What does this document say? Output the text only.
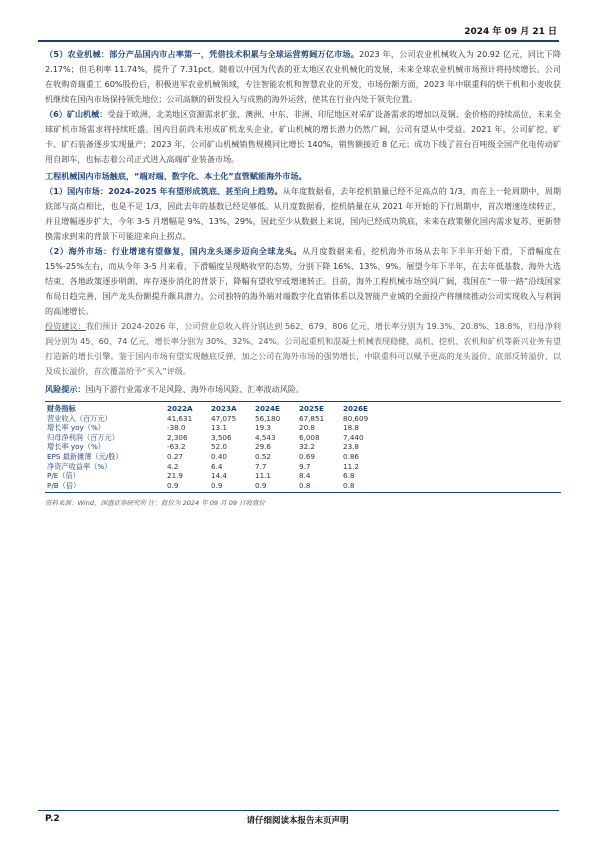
2024 年 09 月 21 日

（5）农业机械：部分产品国内市占率第一，凭借技术积累与全球运营剪阔万亿市场。2023 年，公司农业机械收入为 20.92 亿元，同比下降 2.17%；但毛利率 11.74%，提升了 7.31pct。随着以中国为代表的亚太地区农业机械化的发展，未来全球农业机械市场预计将持续增长。公司在收购奇瑞重工 60%股份后，积极进军农业机械领域，专注智能农机和智慧农业的开发，市场份额方面，2023 年中联重科的烘干机和小麦收获机继续在国内市场保持领先地位；公司高额的研发投入与成熟的海外运营，使其在行业内处于领先位置。

（6）矿山机械：受益于欧洲、北美地区资源需求扩张，澳洲、中东、非洲、印尼地区对采矿设备需求的增加以及铜、金价格的持续高位，未来全球矿机市场需求将持续旺盛。国内目前尚未形成矿机龙头企业，矿山机械的增长潜力仍然广阔，公司有望从中受益。2021 年，公司矿挖、矿卡、矿石装备逐步实现量产；2023 年，公司矿山机械销售规模同比增长 140%，销售额接近 8 亿元；成功下线了首台百吨级全国产化电传动矿用自卸车，也标志着公司正式进入高端矿业装备市场。

工程机械国内市场触底，“端对端、数字化、本土化”直管赋能海外市场。

（1）国内市场：2024-2025 年有望形成筑底、甚至向上趋势。从年度数据看，去年挖机销量已经不足高点的 1/3，而在上一轮周期中，周期底部与高点相比，也是不足 1/3，因此去年的基数已经足够低。从月度数据看，挖机销量在从 2021 年开始的下行周期中，首次增速连续转正，并且增幅逐步扩大，今年 3-5 月增幅是 9%、13%、29%，因此至少从数据上来说，国内已经成功筑底，未来在政策催化国内需求复苏、更新替换需求到来的背景下可能迎来向上拐点。

（2）海外市场：行业增速有望修复，国内龙头逐步迈向全球龙头。从月度数据来看，挖机海外市场从去年下半年开始下滑，下滑幅度在 15%-25%左右，而从今年 3-5 月来看，下滑幅度呈现略收窄的态势，分别下降 16%、13%、9%。展望今年下半年，在去年低基数、海外大选结束、各地政策逐步明朗、库存逐步消化的背景下，降幅有望收窄或增速转正。目前，海外工程机械市场空间广阔，我国在“一带一路”沿线国家布局日趋完善，国产龙头份额提升颇具潜力。公司独特的海外端对端数字化直销体系以及智能产业城的全面投产将继续推动公司实现收入与利润的高速增长。

投资建议：我们预计 2024-2026 年，公司营业总收入将分别达到 562、679、806 亿元，增长率分别为 19.3%、20.8%、18.8%，归母净利润分别为 45、60、74 亿元，增长率分别为 30%、32%、24%。公司起重机和混凝土机械表现稳健，高机、挖机、农机和矿机等新兴业务有望打造新的增长引擎。鉴于国内市场有望实现触底反弹，加之公司在海外市场的强势增长，中联重科可以赋予更高的龙头溢价、底部反转溢价、以及成长溢价，首次覆盖给予“买入”评级。

风险提示：国内下游行业需求不足风险、海外市场风险、汇率波动风险。

财务指标	2022A	2023A	2024E	2025E	2026E
营业收入（百万元）	41,631	47,075	56,180	67,851	80,609
增长率 yoy（%）	-38.0	13.1	19.3	20.8	18.8
归母净利润（百万元）	2,306	3,506	4,543	6,008	7,440
增长率 yoy（%）	-63.2	52.0	29.6	32.2	23.8
EPS 最新摊薄（元/股）	0.27	0.40	0.52	0.69	0.86
净资产收益率（%）	4.2	6.4	7.7	9.7	11.2
P/E（倍）	21.9	14.4	11.1	8.4	6.8
P/B（倍）	0.9	0.9	0.9	0.8	0.8
资料来源：Wind，国盛证券研究所 注：股价为 2024 年 09 月 09 日收盘价
P.2	请仔细阅读本报告末页声明
